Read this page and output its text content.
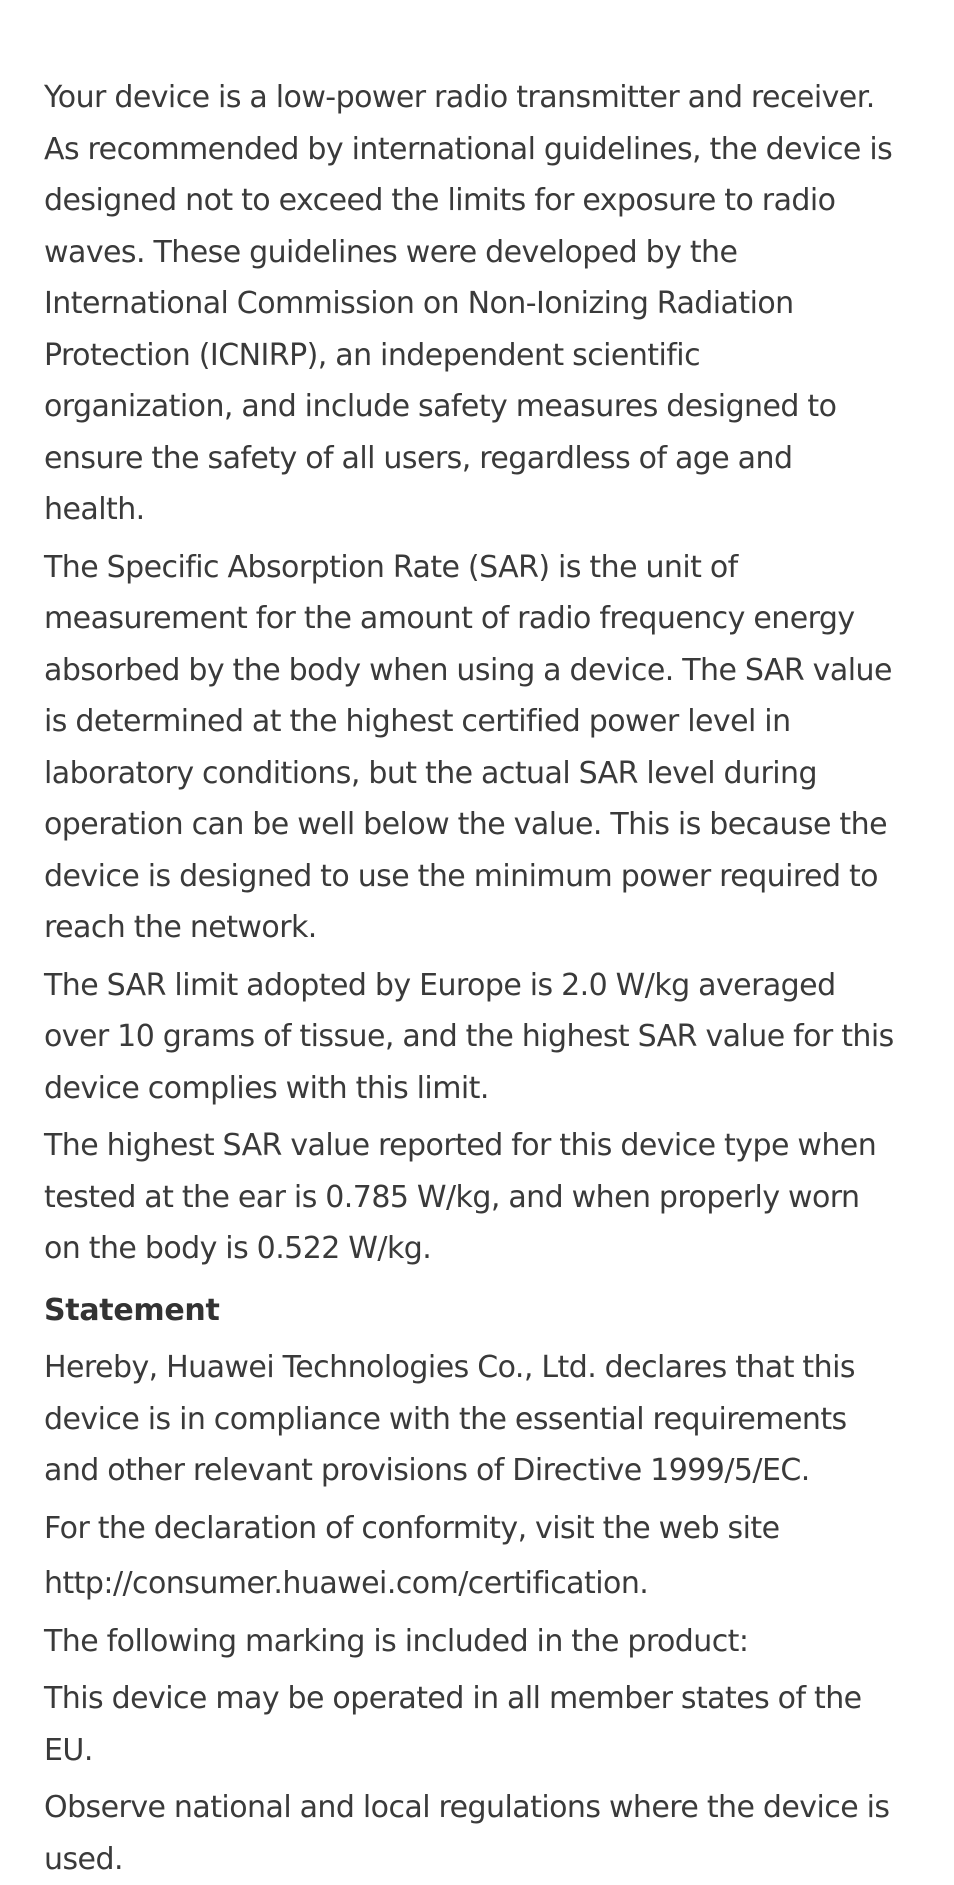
Your device is a low-power radio transmitter and receiver. As recommended by international guidelines, the device is designed not to exceed the limits for exposure to radio waves. These guidelines were developed by the International Commission on Non-Ionizing Radiation Protection (ICNIRP), an independent scientific organization, and include safety measures designed to ensure the safety of all users, regardless of age and health.

The Specific Absorption Rate (SAR) is the unit of measurement for the amount of radio frequency energy absorbed by the body when using a device. The SAR value is determined at the highest certified power level in laboratory conditions, but the actual SAR level during operation can be well below the value. This is because the device is designed to use the minimum power required to reach the network.

The SAR limit adopted by Europe is 2.0 W/kg averaged over 10 grams of tissue, and the highest SAR value for this device complies with this limit.

The highest SAR value reported for this device type when tested at the ear is 0.785 W/kg, and when properly worn on the body is 0.522 W/kg.

Statement

Hereby, Huawei Technologies Co., Ltd. declares that this device is in compliance with the essential requirements and other relevant provisions of Directive 1999/5/EC.

For the declaration of conformity, visit the web site

http://consumer.huawei.com/certification.

The following marking is included in the product:

This device may be operated in all member states of the EU.

Observe national and local regulations where the device is used.
